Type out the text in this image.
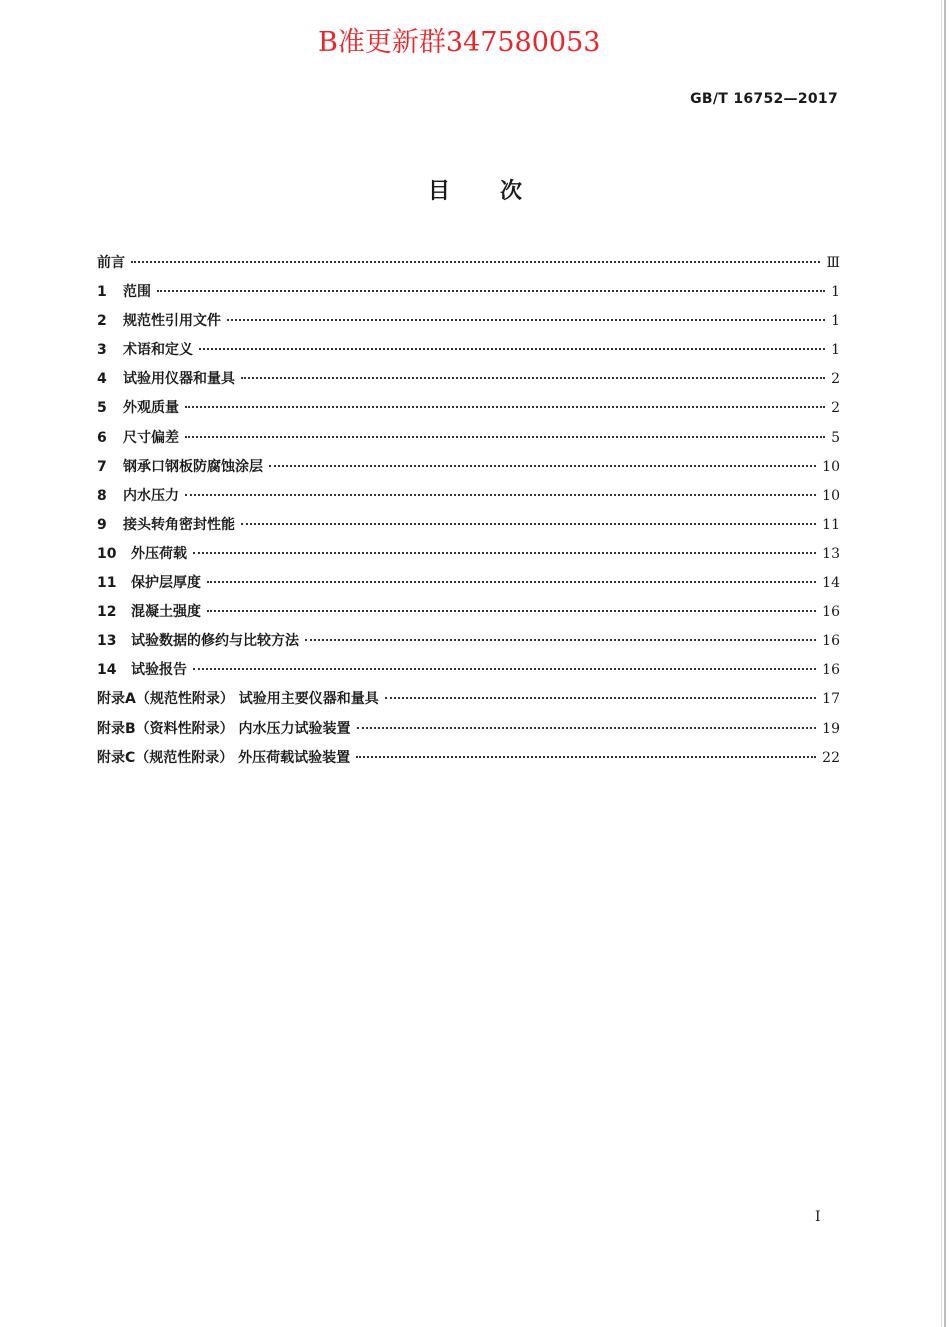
B准更新群347580053
GB/T 16752—2017
目 次
前言	Ⅲ
1	范围	1
2	规范性引用文件	1
3	术语和定义	1
4	试验用仪器和量具	2
5	外观质量	2
6	尺寸偏差	5
7	钢承口钢板防腐蚀涂层	10
8	内水压力	10
9	接头转角密封性能	11
10	外压荷载	13
11	保护层厚度	14
12	混凝土强度	16
13	试验数据的修约与比较方法	16
14	试验报告	16
附录A（规范性附录） 试验用主要仪器和量具	17
附录B（资料性附录） 内水压力试验装置	19
附录C（规范性附录） 外压荷载试验装置	22
I
